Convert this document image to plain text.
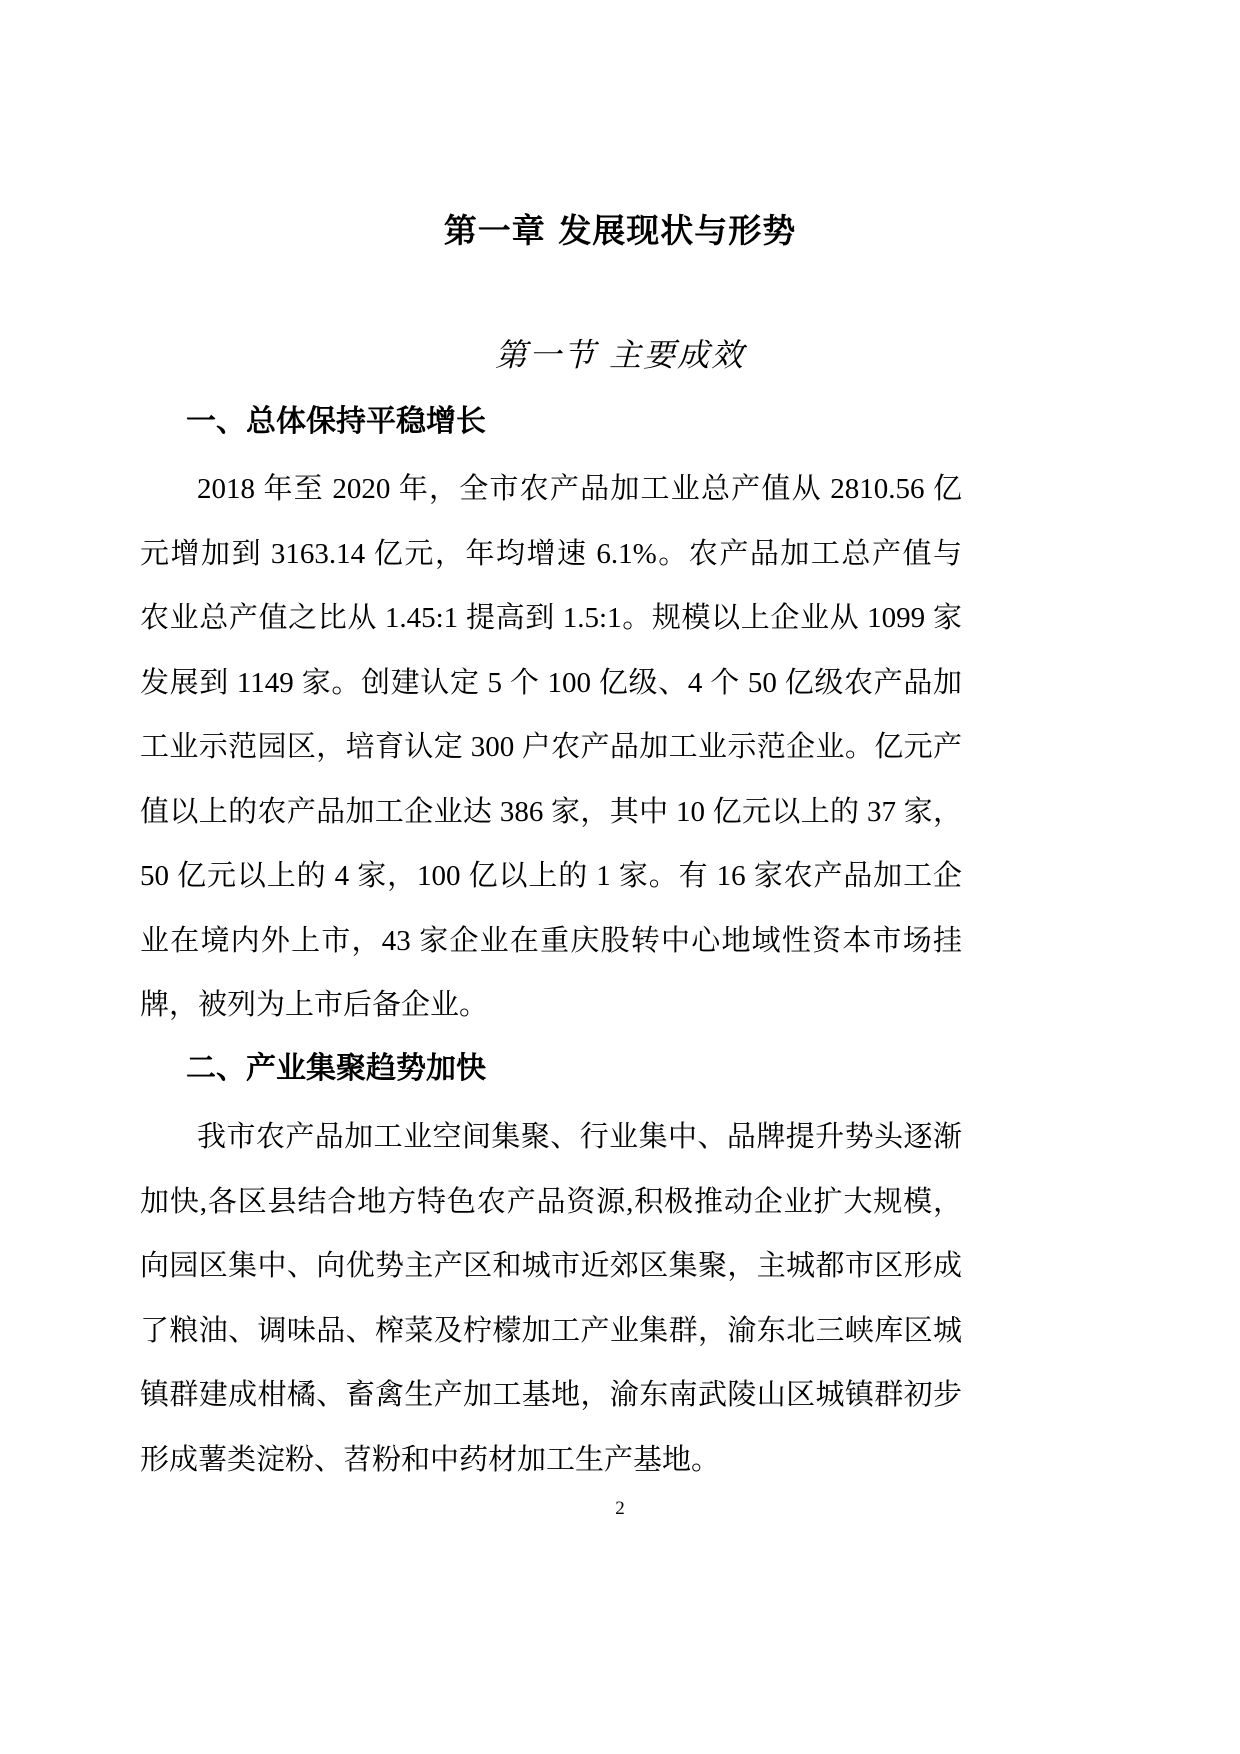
第一章 发展现状与形势
第一节 主要成效
一、总体保持平稳增长
2018 年至 2020 年，全市农产品加工业总产值从 2810.56 亿
元增加到 3163.14 亿元，年均增速 6.1%。农产品加工总产值与
农业总产值之比从 1.45:1 提高到 1.5:1。规模以上企业从 1099 家
发展到 1149 家。创建认定 5 个 100 亿级、4 个 50 亿级农产品加
工业示范园区，培育认定 300 户农产品加工业示范企业。亿元产
值以上的农产品加工企业达 386 家，其中 10 亿元以上的 37 家，
50 亿元以上的 4 家，100 亿以上的 1 家。有 16 家农产品加工企
业在境内外上市，43 家企业在重庆股转中心地域性资本市场挂
牌，被列为上市后备企业。
二、产业集聚趋势加快
我市农产品加工业空间集聚、行业集中、品牌提升势头逐渐
加快,各区县结合地方特色农产品资源,积极推动企业扩大规模，
向园区集中、向优势主产区和城市近郊区集聚，主城都市区形成
了粮油、调味品、榨菜及柠檬加工产业集群，渝东北三峡库区城
镇群建成柑橘、畜禽生产加工基地，渝东南武陵山区城镇群初步
形成薯类淀粉、苕粉和中药材加工生产基地。
2
